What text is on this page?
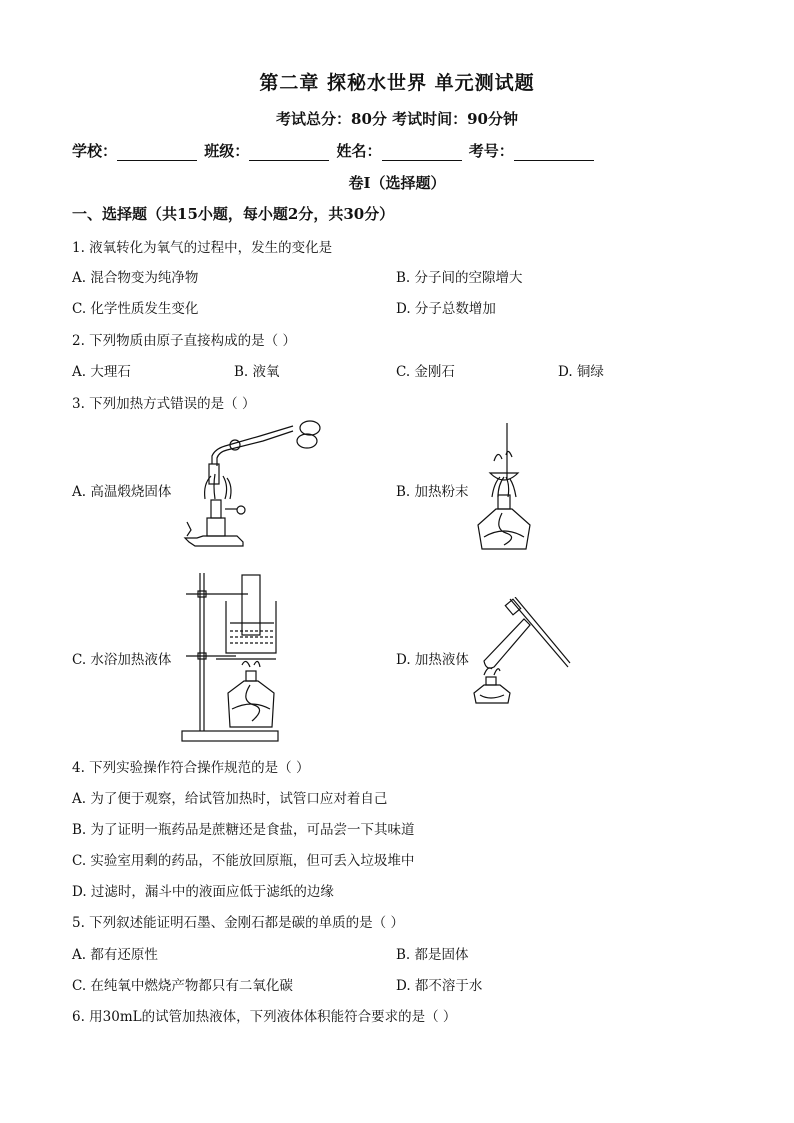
第二章 探秘水世界 单元测试题
考试总分：80分 考试时间：90分钟
学校：	班级：	姓名：	考号：
卷Ⅰ（选择题）
一、选择题（共15小题，每小题2分，共30分）
1. 液氧转化为氧气的过程中，发生的变化是
A. 混合物变为纯净物	B. 分子间的空隙增大
C. 化学性质发生变化	D. 分子总数增加
2. 下列物质由原子直接构成的是（ ）
A. 大理石	B. 液氧	C. 金刚石	D. 铜绿
3. 下列加热方式错误的是（ ）
A. 高温煅烧固体	B. 加热粉末
C. 水浴加热液体	D. 加热液体
4. 下列实验操作符合操作规范的是（ ）
A. 为了便于观察，给试管加热时，试管口应对着自己
B. 为了证明一瓶药品是蔗糖还是食盐，可品尝一下其味道
C. 实验室用剩的药品，不能放回原瓶，但可丢入垃圾堆中
D. 过滤时，漏斗中的液面应低于滤纸的边缘
5. 下列叙述能证明石墨、金刚石都是碳的单质的是（ ）
A. 都有还原性	B. 都是固体
C. 在纯氧中燃烧产物都只有二氧化碳	D. 都不溶于水
6. 用30mL的试管加热液体，下列液体体积能符合要求的是（ ）
